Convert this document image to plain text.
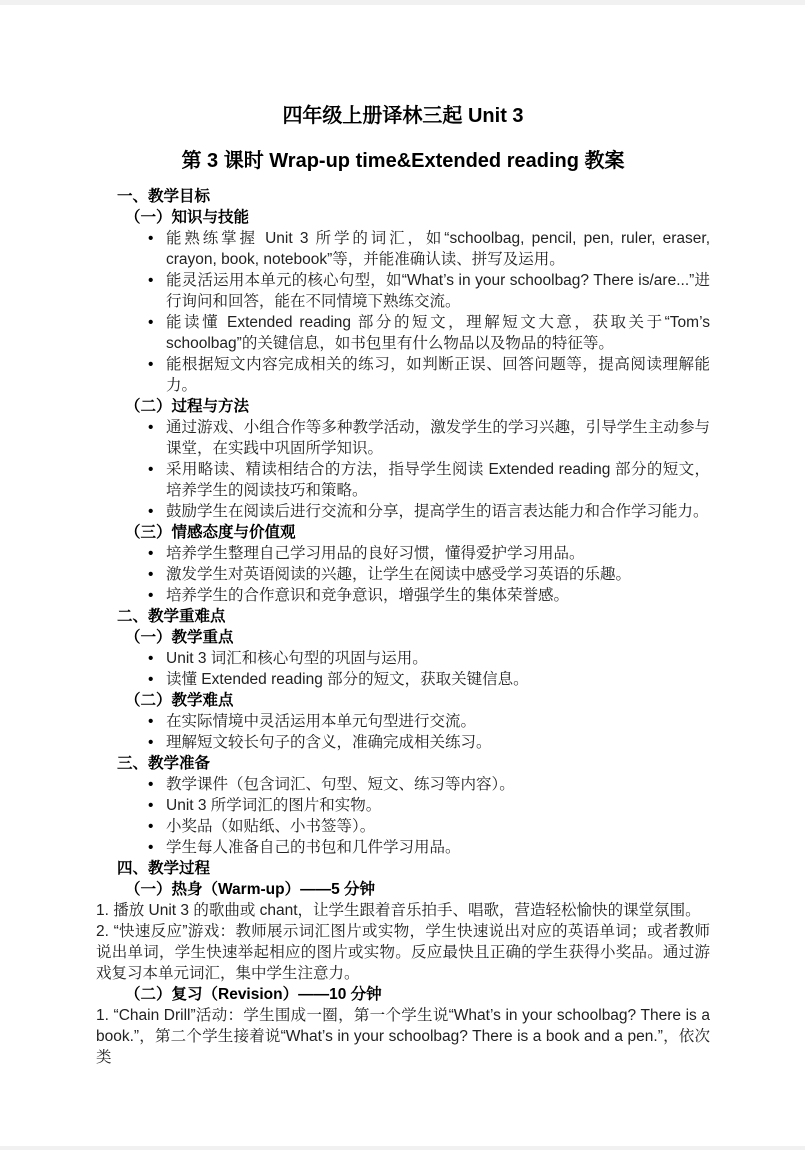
四年级上册译林三起 Unit 3
第 3 课时 Wrap-up time&Extended reading 教案
一、教学目标
（一）知识与技能
• 能熟练掌握 Unit 3 所学的词汇，如“schoolbag, pencil, pen, ruler, eraser, crayon, book, notebook”等，并能准确认读、拼写及运用。
• 能灵活运用本单元的核心句型，如“What’s in your schoolbag? There is/are...”进行询问和回答，能在不同情境下熟练交流。
• 能读懂 Extended reading 部分的短文，理解短文大意，获取关于“Tom’s schoolbag”的关键信息，如书包里有什么物品以及物品的特征等。
• 能根据短文内容完成相关的练习，如判断正误、回答问题等，提高阅读理解能力。
（二）过程与方法
• 通过游戏、小组合作等多种教学活动，激发学生的学习兴趣，引导学生主动参与课堂，在实践中巩固所学知识。
• 采用略读、精读相结合的方法，指导学生阅读 Extended reading 部分的短文，培养学生的阅读技巧和策略。
• 鼓励学生在阅读后进行交流和分享，提高学生的语言表达能力和合作学习能力。
（三）情感态度与价值观
• 培养学生整理自己学习用品的良好习惯，懂得爱护学习用品。
• 激发学生对英语阅读的兴趣，让学生在阅读中感受学习英语的乐趣。
• 培养学生的合作意识和竞争意识，增强学生的集体荣誉感。
二、教学重难点
（一）教学重点
• Unit 3 词汇和核心句型的巩固与运用。
• 读懂 Extended reading 部分的短文，获取关键信息。
（二）教学难点
• 在实际情境中灵活运用本单元句型进行交流。
• 理解短文较长句子的含义，准确完成相关练习。
三、教学准备
• 教学课件（包含词汇、句型、短文、练习等内容）。
• Unit 3 所学词汇的图片和实物。
• 小奖品（如贴纸、小书签等）。
• 学生每人准备自己的书包和几件学习用品。
四、教学过程
（一）热身（Warm-up）——5 分钟
1. 播放 Unit 3 的歌曲或 chant，让学生跟着音乐拍手、唱歌，营造轻松愉快的课堂氛围。
2. “快速反应”游戏：教师展示词汇图片或实物，学生快速说出对应的英语单词；或者教师说出单词，学生快速举起相应的图片或实物。反应最快且正确的学生获得小奖品。通过游戏复习本单元词汇，集中学生注意力。
（二）复习（Revision）——10 分钟
1. “Chain Drill”活动：学生围成一圈，第一个学生说“What’s in your schoolbag? There is a book.”，第二个学生接着说“What’s in your schoolbag? There is a book and a pen.”，依次类
